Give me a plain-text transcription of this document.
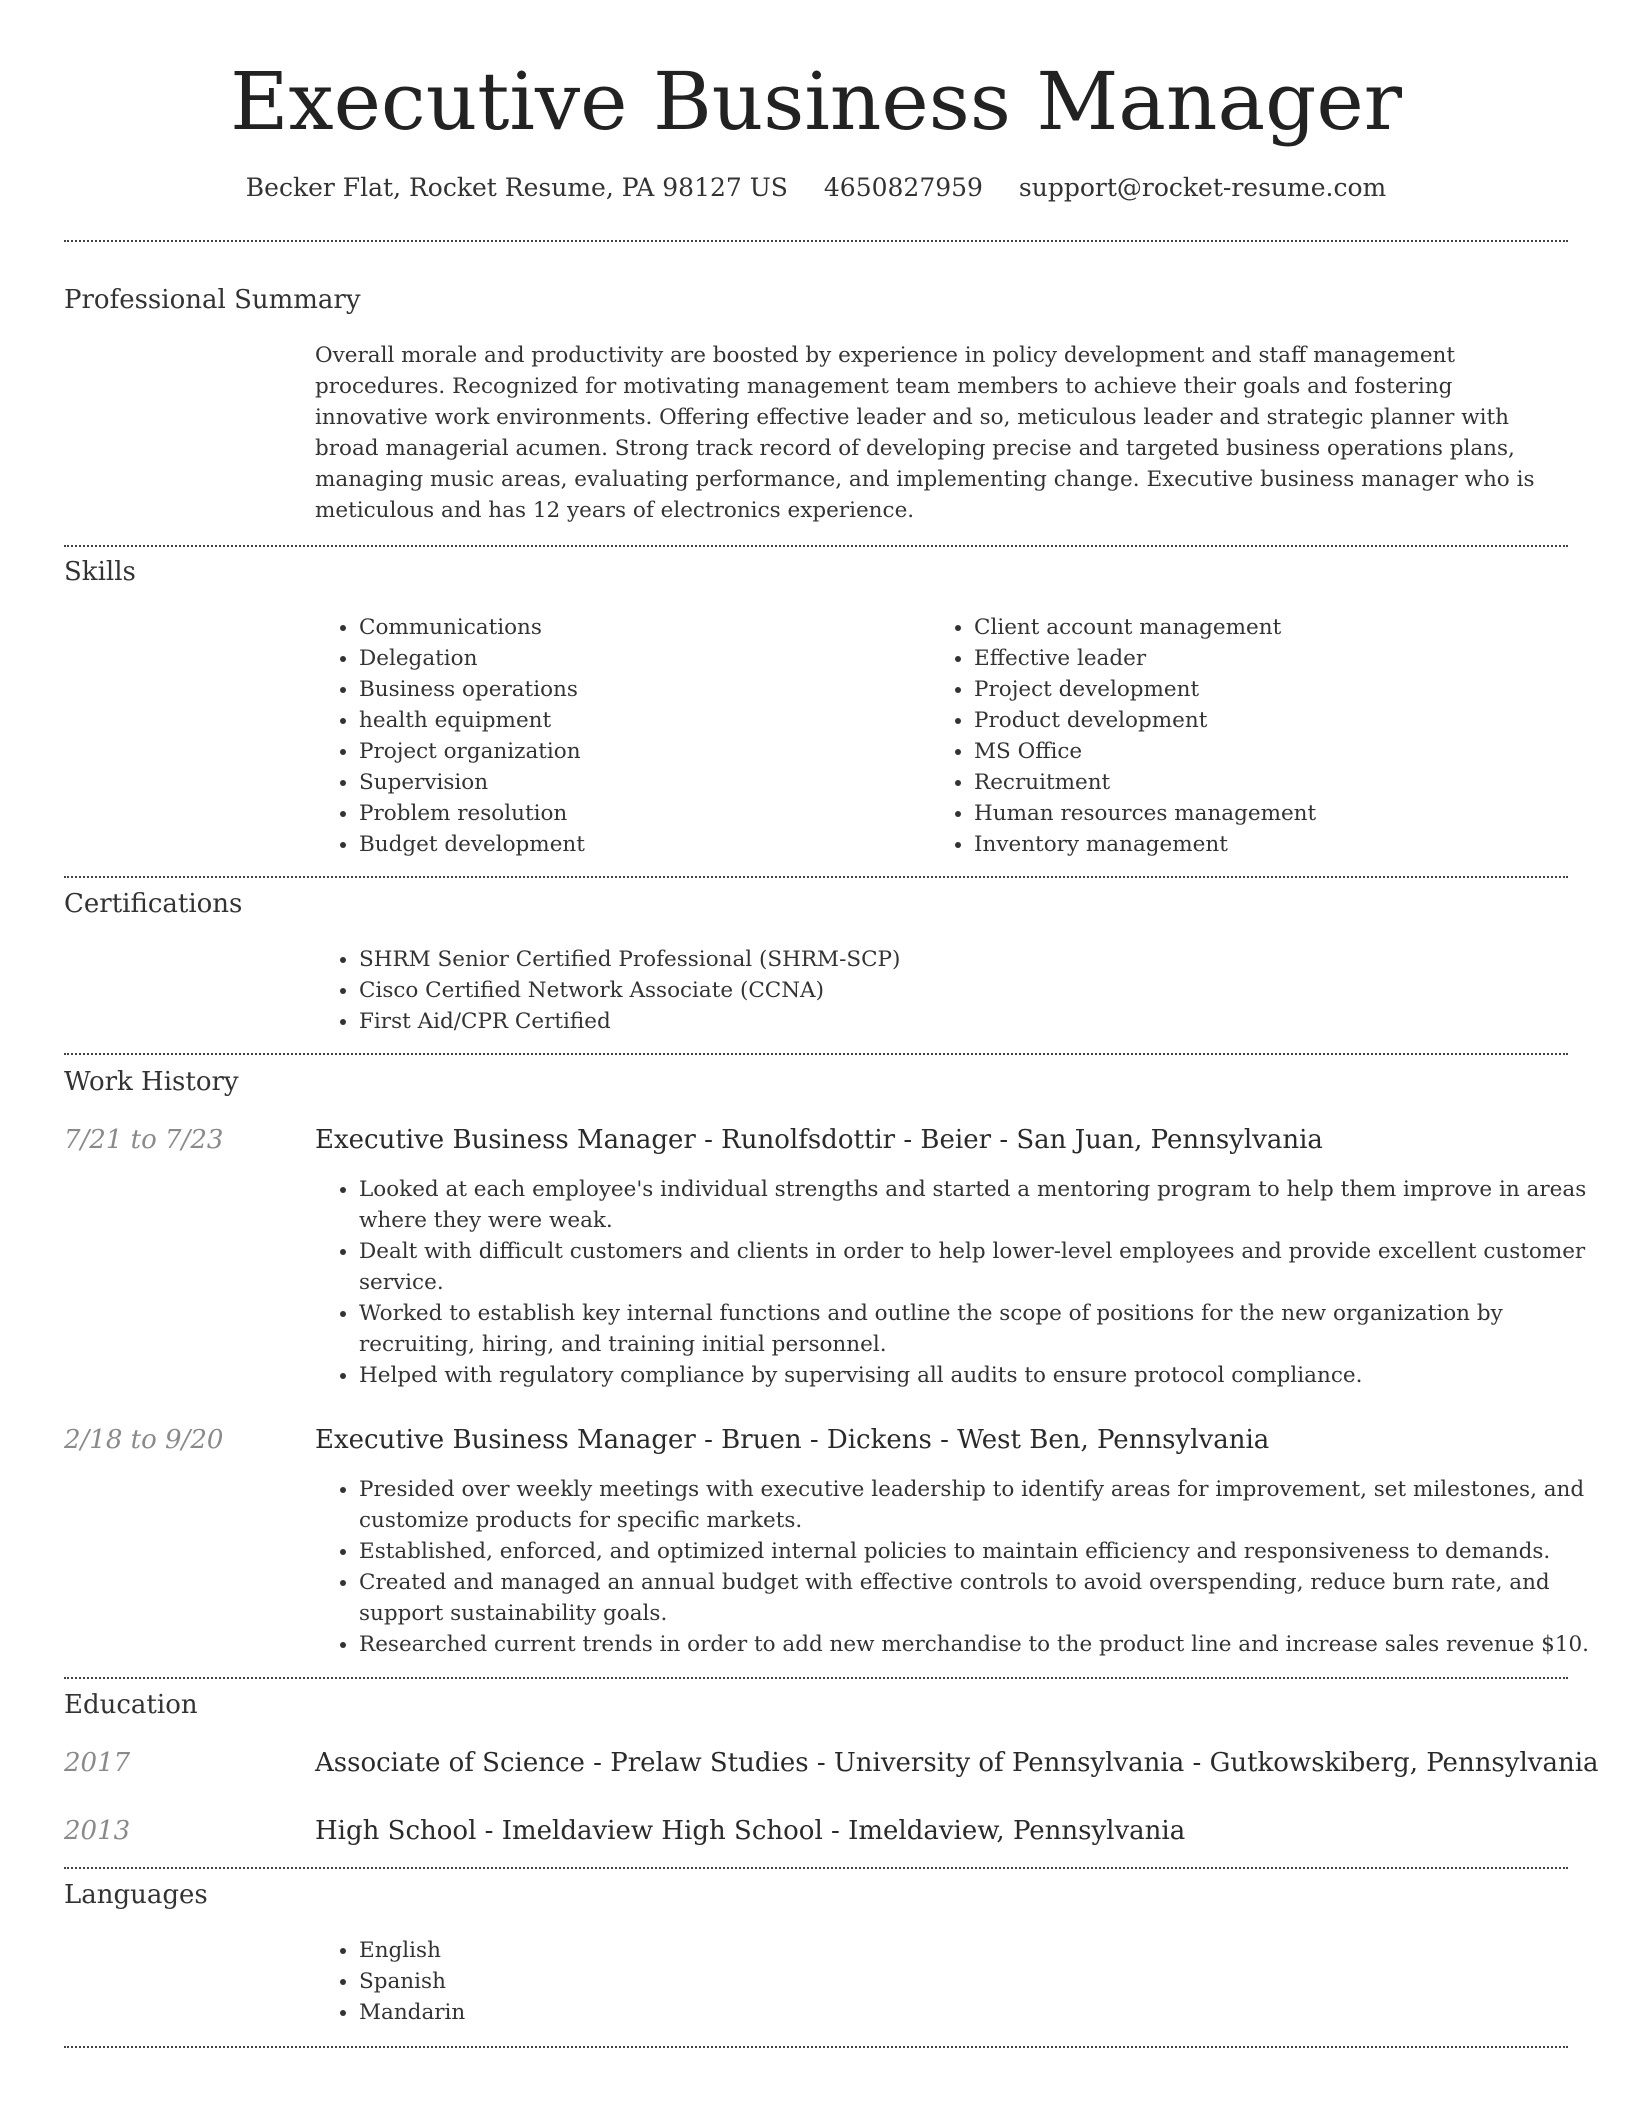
Executive Business Manager
Becker Flat, Rocket Resume, PA 98127 US 4650827959 support@rocket-resume.com
Professional Summary
Overall morale and productivity are boosted by experience in policy development and staff management procedures. Recognized for motivating management team members to achieve their goals and fostering innovative work environments. Offering effective leader and so, meticulous leader and strategic planner with broad managerial acumen. Strong track record of developing precise and targeted business operations plans, managing music areas, evaluating performance, and implementing change. Executive business manager who is meticulous and has 12 years of electronics experience.
Skills
• Communications
• Delegation
• Business operations
• health equipment
• Project organization
• Supervision
• Problem resolution
• Budget development
• Client account management
• Effective leader
• Project development
• Product development
• MS Office
• Recruitment
• Human resources management
• Inventory management
Certifications
• SHRM Senior Certified Professional (SHRM-SCP)
• Cisco Certified Network Associate (CCNA)
• First Aid/CPR Certified
Work History
7/21 to 7/23	Executive Business Manager - Runolfsdottir - Beier - San Juan, Pennsylvania
• Looked at each employee's individual strengths and started a mentoring program to help them improve in areas where they were weak.
• Dealt with difficult customers and clients in order to help lower-level employees and provide excellent customer service.
• Worked to establish key internal functions and outline the scope of positions for the new organization by recruiting, hiring, and training initial personnel.
• Helped with regulatory compliance by supervising all audits to ensure protocol compliance.
2/18 to 9/20	Executive Business Manager - Bruen - Dickens - West Ben, Pennsylvania
• Presided over weekly meetings with executive leadership to identify areas for improvement, set milestones, and customize products for specific markets.
• Established, enforced, and optimized internal policies to maintain efficiency and responsiveness to demands.
• Created and managed an annual budget with effective controls to avoid overspending, reduce burn rate, and support sustainability goals.
• Researched current trends in order to add new merchandise to the product line and increase sales revenue $10.
Education
2017	Associate of Science - Prelaw Studies - University of Pennsylvania - Gutkowskiberg, Pennsylvania
2013	High School - Imeldaview High School - Imeldaview, Pennsylvania
Languages
• English
• Spanish
• Mandarin
